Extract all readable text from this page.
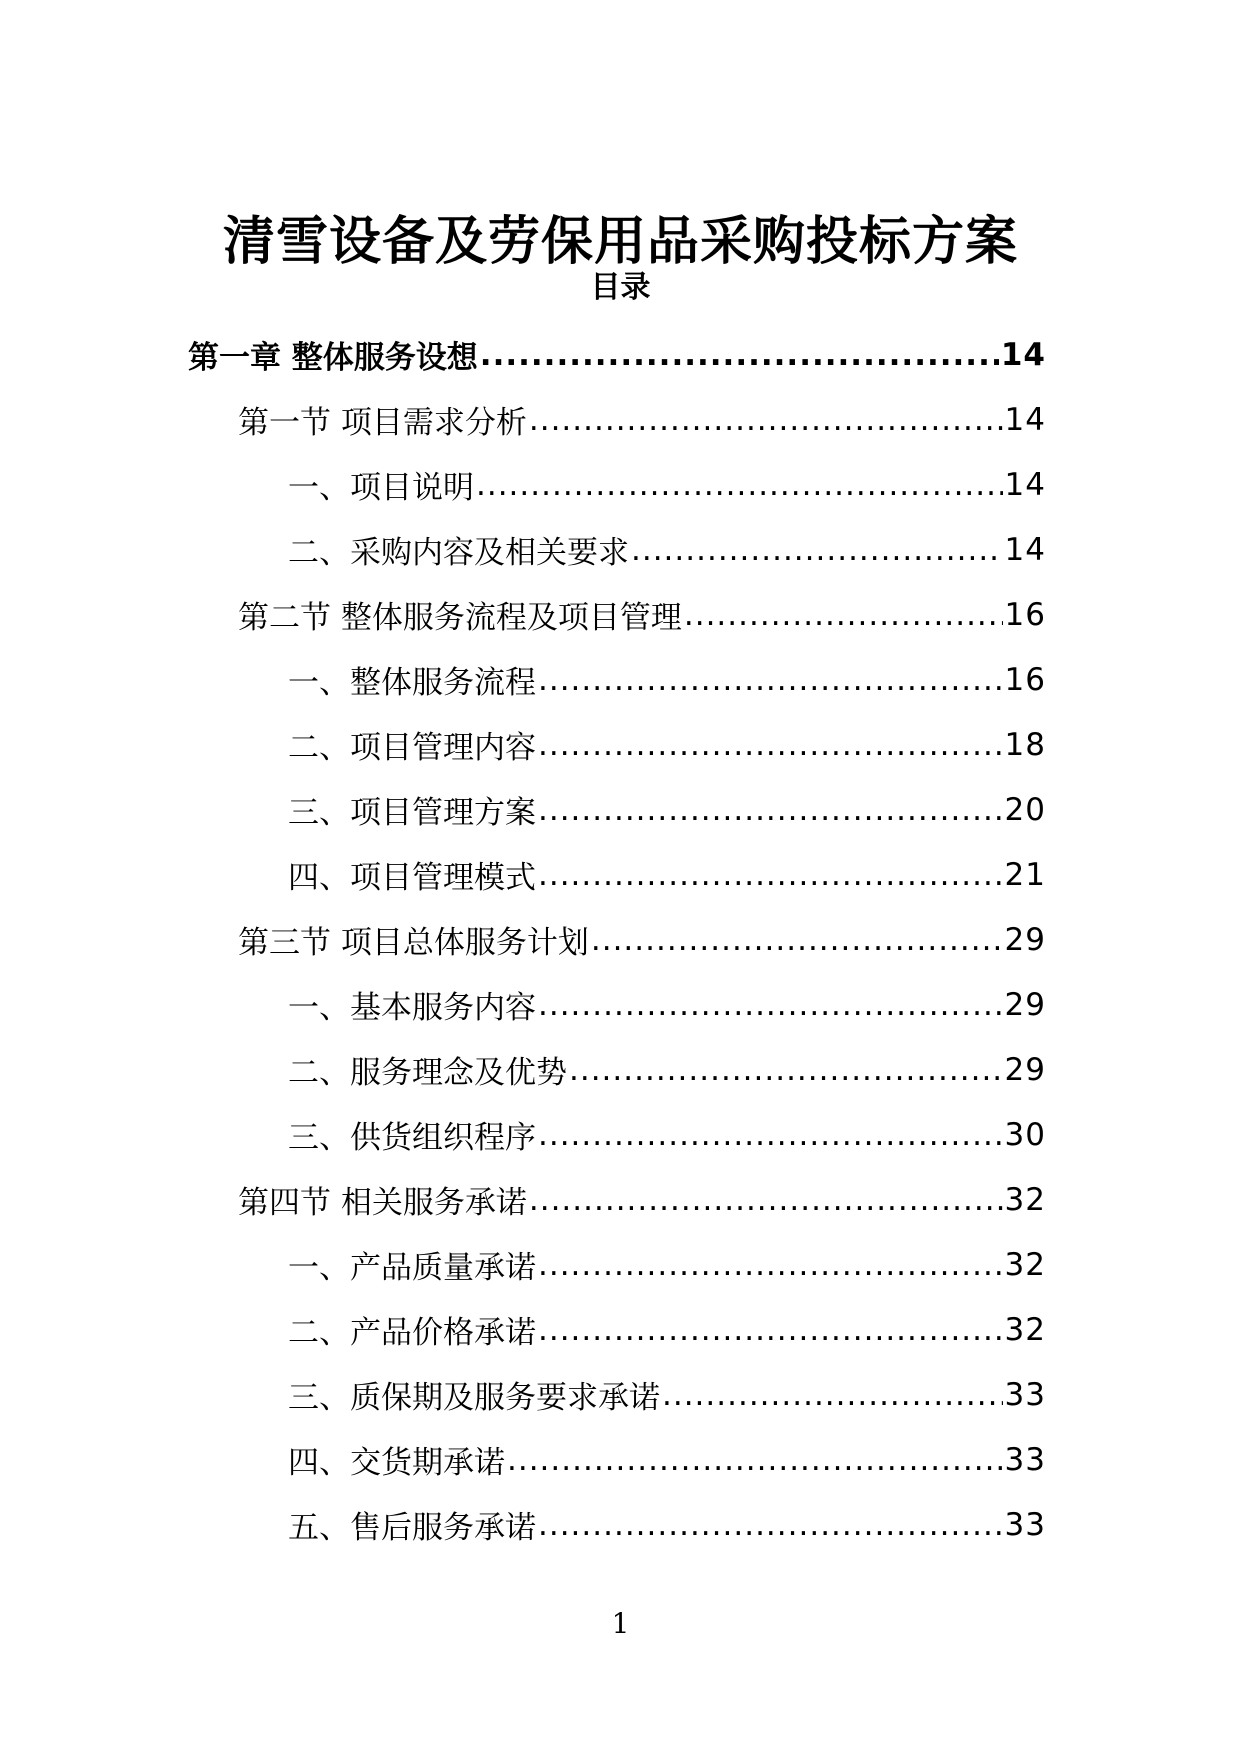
清雪设备及劳保用品采购投标方案
目录
第一章 整体服务设想 .....	14
第一节 项目需求分析 .....	14
一、项目说明 .....	14
二、采购内容及相关要求 .....	14
第二节 整体服务流程及项目管理 .....	16
一、整体服务流程 .....	16
二、项目管理内容 .....	18
三、项目管理方案 .....	20
四、项目管理模式 .....	21
第三节 项目总体服务计划 .....	29
一、基本服务内容 .....	29
二、服务理念及优势 .....	29
三、供货组织程序 .....	30
第四节 相关服务承诺 .....	32
一、产品质量承诺 .....	32
二、产品价格承诺 .....	32
三、质保期及服务要求承诺 .....	33
四、交货期承诺 .....	33
五、售后服务承诺 .....	33
1
